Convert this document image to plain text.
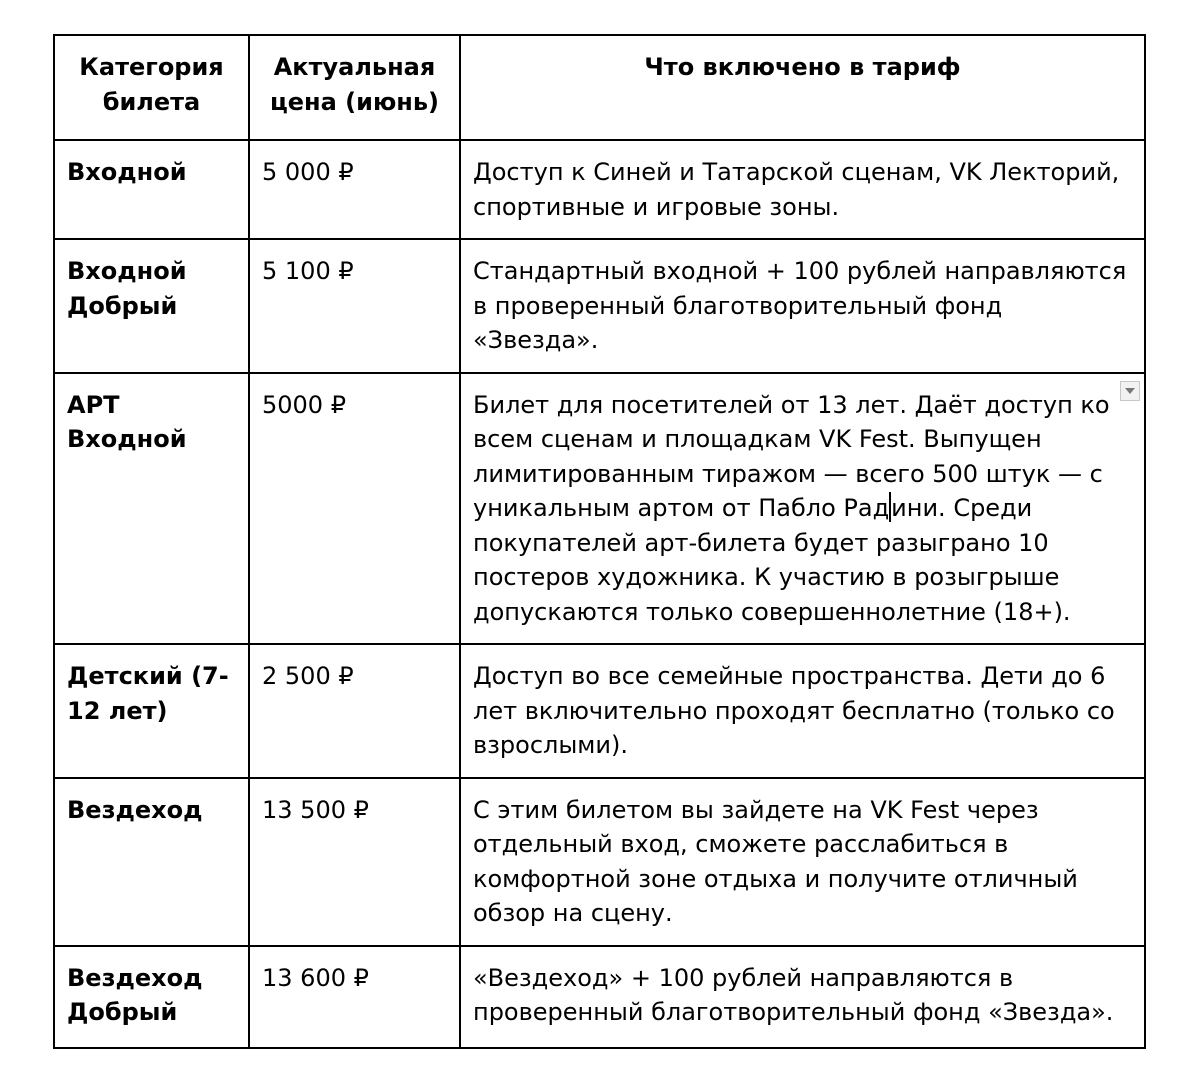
Категория билета	Актуальная цена (июнь)	Что включено в тариф
Входной	5 000 ₽	Доступ к Синей и Татарской сценам, VK Лекторий, спортивные и игровые зоны.
Входной Добрый	5 100 ₽	Стандартный входной + 100 рублей направляются в проверенный благотворительный фонд «Звезда».
АРТ Входной	5000 ₽	Билет для посетителей от 13 лет. Даёт доступ ко всем сценам и площадкам VK Fest. Выпущен лимитированным тиражом — всего 500 штук — с уникальным артом от Пабло Радини. Среди покупателей арт-билета будет разыграно 10 постеров художника. К участию в розыгрыше допускаются только совершеннолетние (18+).

Детский (7-12 лет)	2 500 ₽	Доступ во все семейные пространства. Дети до 6 лет включительно проходят бесплатно (только со взрослыми).
Вездеход	13 500 ₽	С этим билетом вы зайдете на VK Fest через отдельный вход, сможете расслабиться в комфортной зоне отдыха и получите отличный обзор на сцену.
Вездеход Добрый	13 600 ₽	«Вездеход» + 100 рублей направляются в проверенный благотворительный фонд «Звезда».
